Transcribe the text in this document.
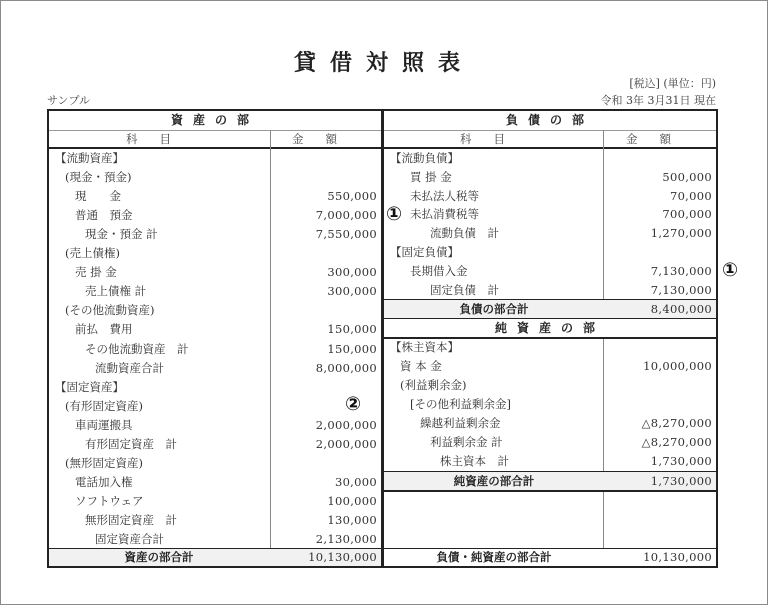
貸借対照表
[税込] (単位：円)
令和 3年 3月31日 現在
サンプル
資産の部
科目	金額
【流動資産】
(現金・預金)
現　　金	550,000
普通　預金	7,000,000
現金・預金 計	7,550,000
(売上債権)
売 掛 金	300,000
売上債権 計	300,000
(その他流動資産)
前払　費用	150,000
その他流動資産　計	150,000
流動資産合計	8,000,000
【固定資産】
(有形固定資産)
車両運搬具	2,000,000
有形固定資産　計	2,000,000
(無形固定資産)
電話加入権	30,000
ソフトウェア	100,000
無形固定資産　計	130,000
固定資産合計	2,130,000
資産の部合計	10,130,000
負債の部
科目	金額
【流動負債】
買 掛 金	500,000
未払法人税等	70,000
未払消費税等	700,000
流動負債　計	1,270,000
【固定負債】
長期借入金	7,130,000
固定負債　計	7,130,000
負債の部合計	8,400,000
純資産の部
【株主資本】
資 本 金	10,000,000
(利益剰余金)
[その他利益剰余金]
繰越利益剰余金	△8,270,000
利益剰余金 計	△8,270,000
株主資本　計	1,730,000
純資産の部合計	1,730,000
負債・純資産の部合計	10,130,000
①
①
②
